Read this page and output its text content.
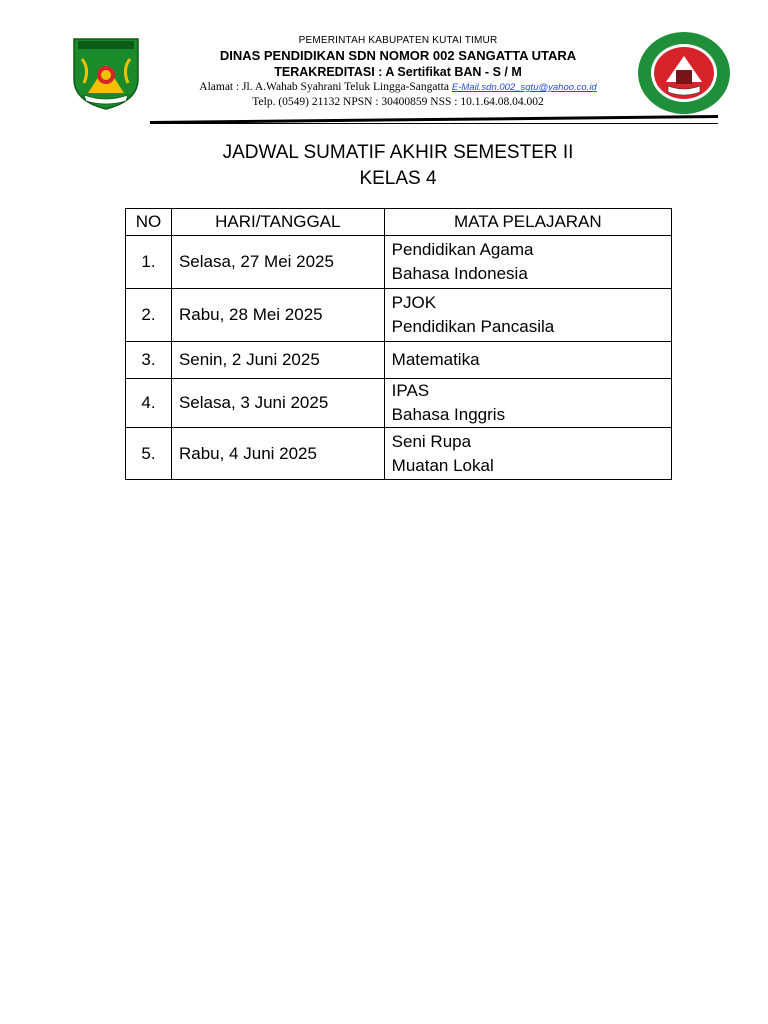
PEMERINTAH KABUPATEN KUTAI TIMUR
DINAS PENDIDIKAN SDN NOMOR 002 SANGATTA UTARA
TERAKREDITASI : A Sertifikat BAN - S / M
Alamat : Jl. A.Wahab Syahrani Teluk Lingga-Sangatta E-Mail.sdn.002_sgtu@yahoo.co.id
Telp. (0549) 21132 NPSN : 30400859 NSS : 10.1.64.08.04.002
JADWAL SUMATIF AKHIR SEMESTER II
KELAS 4
NO	HARI/TANGGAL	MATA PELAJARAN
1.	Selasa, 27 Mei 2025	Pendidikan Agama
Bahasa Indonesia

2.	Rabu, 28 Mei 2025	PJOK
Pendidikan Pancasila

3.	Senin, 2 Juni 2025	Matematika

4.	Selasa, 3 Juni 2025	IPAS
Bahasa Inggris

5.	Rabu, 4 Juni 2025	Seni Rupa
Muatan Lokal
